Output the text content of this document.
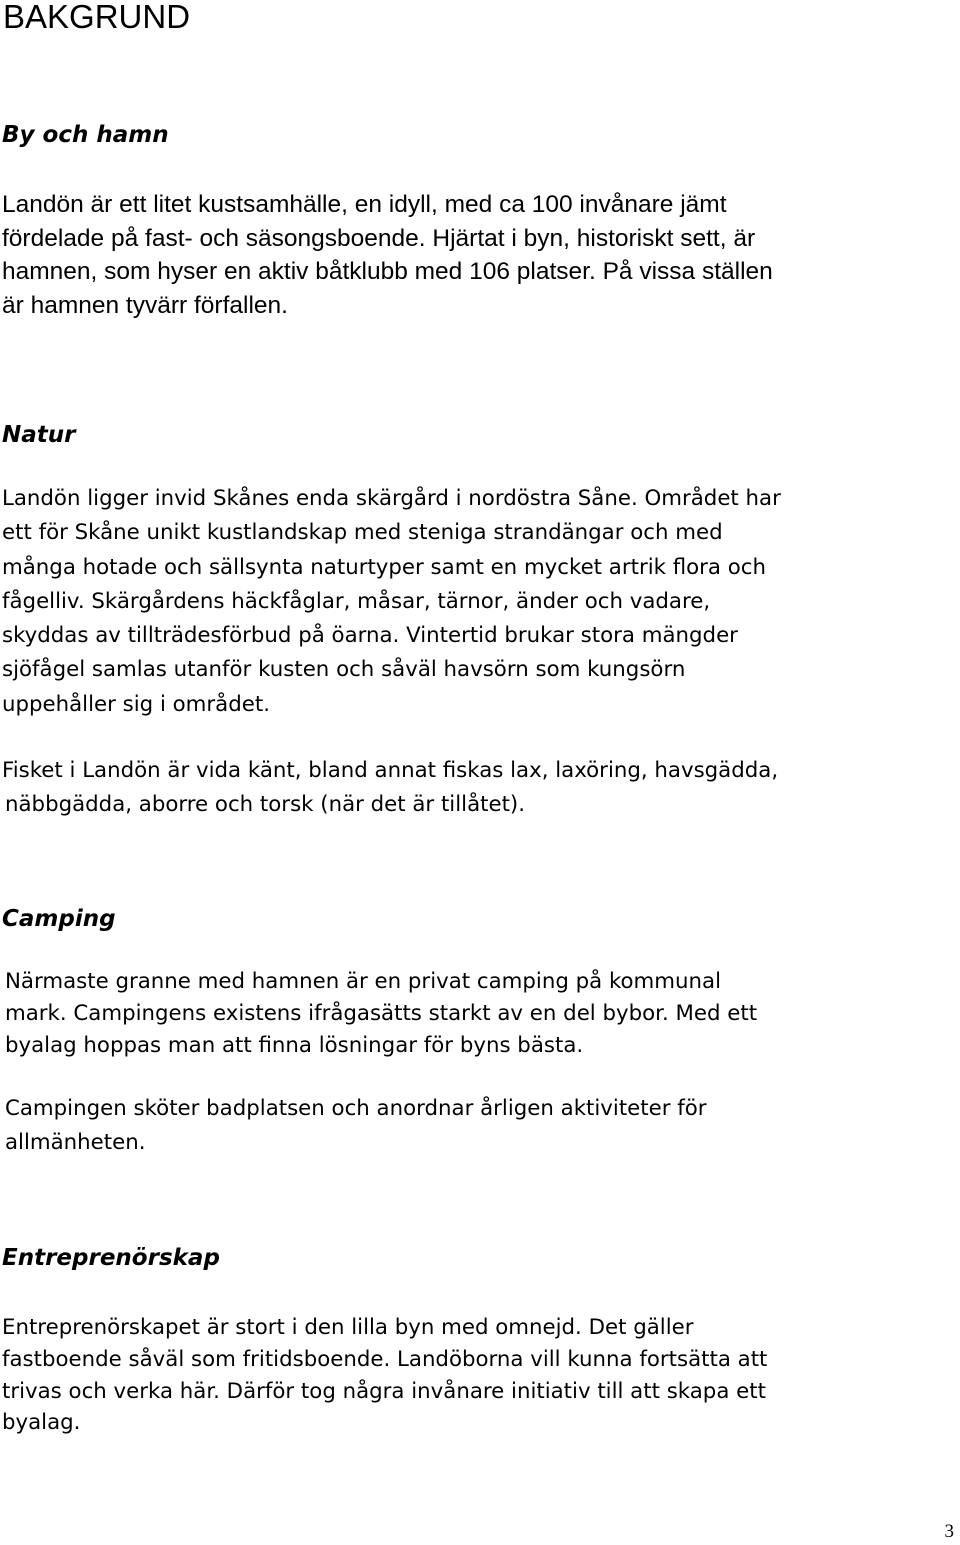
BAKGRUND
By och hamn

Landön är ett litet kustsamhälle, en idyll, med ca 100 invånare jämt
fördelade på fast- och säsongsboende. Hjärtat i byn, historiskt sett, är
hamnen, som hyser en aktiv båtklubb med 106 platser. På vissa ställen
är hamnen tyvärr förfallen.

Natur

Landön ligger invid Skånes enda skärgård i nordöstra Såne. Området har
ett för Skåne unikt kustlandskap med steniga strandängar och med
många hotade och sällsynta naturtyper samt en mycket artrik flora och
fågelliv. Skärgårdens häckfåglar, måsar, tärnor, änder och vadare,
skyddas av tillträdesförbud på öarna. Vintertid brukar stora mängder
sjöfågel samlas utanför kusten och såväl havsörn som kungsörn
uppehåller sig i området.

Fisket i Landön är vida känt, bland annat fiskas lax, laxöring, havsgädda,
näbbgädda, aborre och torsk (när det är tillåtet).

Camping

Närmaste granne med hamnen är en privat camping på kommunal
mark. Campingens existens ifrågasätts starkt av en del bybor. Med ett
byalag hoppas man att finna lösningar för byns bästa.

Campingen sköter badplatsen och anordnar årligen aktiviteter för
allmänheten.

Entreprenörskap

Entreprenörskapet är stort i den lilla byn med omnejd. Det gäller
fastboende såväl som fritidsboende. Landöborna vill kunna fortsätta att
trivas och verka här. Därför tog några invånare initiativ till att skapa ett
byalag.

3
